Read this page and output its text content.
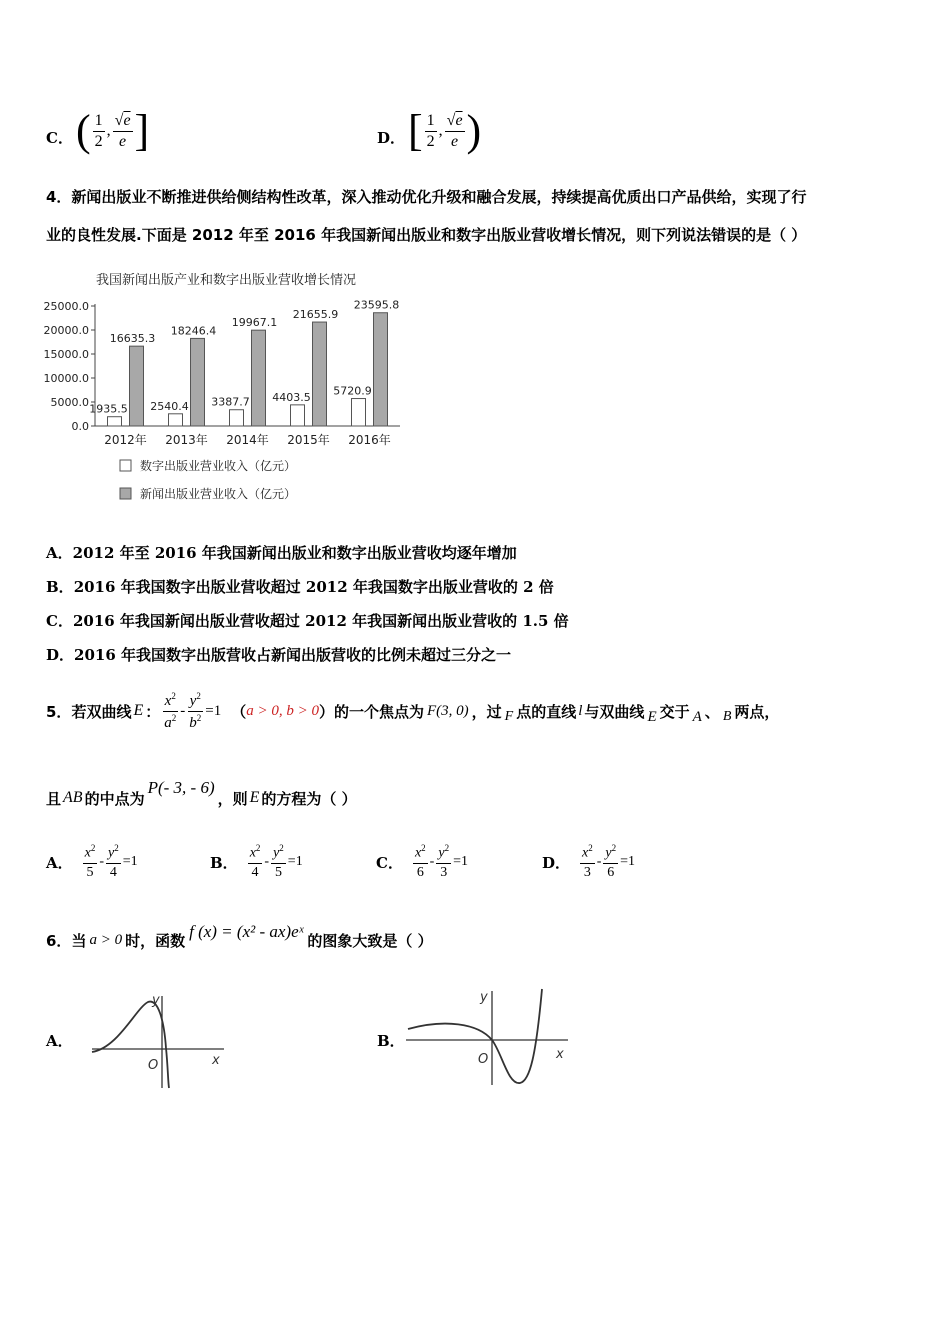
C． ( $\frac{1}{2}$ , $\frac{√e}{e}$ ]	D． [ $\frac{1}{2}$ , $\frac{√e}{e}$ )
4．新闻出版业不断推进供给侧结构性改革，深入推动优化升级和融合发展，持续提高优质出口产品供给，实现了行
业的良性发展.下面是 2012 年至 2016 年我国新闻出版业和数字出版业营收增长情况，则下列说法错误的是（ ）
我国新闻出版产业和数字出版业营收增长情况
0.0
5000.0
10000.0
15000.0
20000.0
25000.0
2012年 2013年 2014年 2015年 2016年
1935.5
16635.3
2540.4
18246.4
3387.7
19967.1
4403.5
21655.9
5720.9
23595.8
数字出版业营业收入（亿元）
新闻出版业营业收入（亿元）
A．2012 年至 2016 年我国新闻出版业和数字出版业营收均逐年增加
B．2016 年我国数字出版业营收超过 2012 年我国数字出版业营收的 2 倍
C．2016 年我国新闻出版业营收超过 2012 年我国新闻出版业营收的 1.5 倍
D．2016 年我国数字出版营收占新闻出版营收的比例未超过三分之一
5． 若双曲线 E ： $\frac{x^2}{a^2} - \frac{y^2}{b^2} =1$ （ a > 0, b > 0 ）的一个焦点为 F(3, 0) ，过 F 点的直线 l 与双曲线 E 交于 A 、 B 两点，
且 AB 的中点为
P(- 3, - 6)
，则 E 的方程为（ ）
A． $\frac{x^2}{5} - \frac{y^2}{4} =1$	B． $\frac{x^2}{4} - \frac{y^2}{5} =1$	C． $\frac{x^2}{6} - \frac{y^2}{3} =1$	D． $\frac{x^2}{3} - \frac{y^2}{6} =1$
6． 当 a > 0 时，函数 f (x) = (x² - ax)eˣ 的图象大致是（ ）
A．
y
x
O
B．
y
x
O
